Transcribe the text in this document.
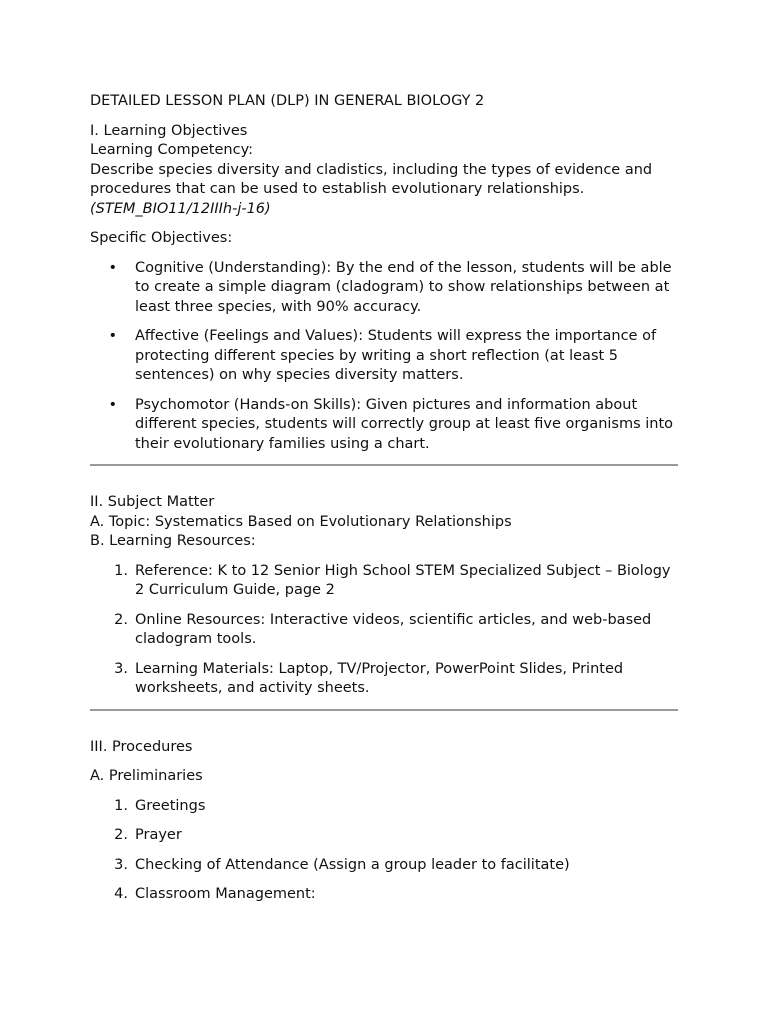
DETAILED LESSON PLAN (DLP) IN GENERAL BIOLOGY 2

I. Learning Objectives

Learning Competency:

Describe species diversity and cladistics, including the types of evidence and procedures that can be used to establish evolutionary relationships.

(STEM_BIO11/12IIIh-j-16)

Specific Objectives:

• Cognitive (Understanding): By the end of the lesson, students will be able to create a simple diagram (cladogram) to show relationships between at least three species, with 90% accuracy.
• Affective (Feelings and Values): Students will express the importance of protecting different species by writing a short reflection (at least 5 sentences) on why species diversity matters.
• Psychomotor (Hands-on Skills): Given pictures and information about different species, students will correctly group at least five organisms into their evolutionary families using a chart.

II. Subject Matter

A. Topic: Systematics Based on Evolutionary Relationships

B. Learning Resources:

1. Reference: K to 12 Senior High School STEM Specialized Subject – Biology 2 Curriculum Guide, page 2
2. Online Resources: Interactive videos, scientific articles, and web-based cladogram tools.
3. Learning Materials: Laptop, TV/Projector, PowerPoint Slides, Printed worksheets, and activity sheets.

III. Procedures

A. Preliminaries

1. Greetings
2. Prayer
3. Checking of Attendance (Assign a group leader to facilitate)
4. Classroom Management:
